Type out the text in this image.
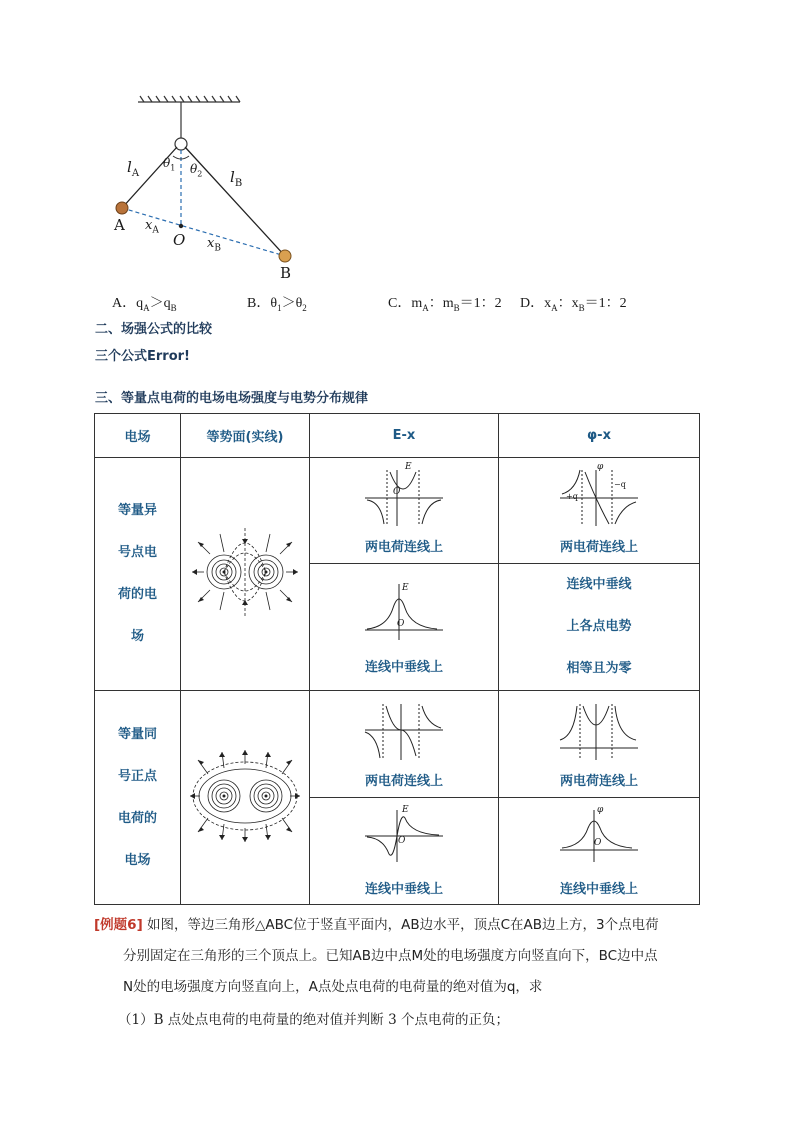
$l_A$	$l_B$
$\theta_1$ $\theta_2$
A
B
O
$x_A$
$x_B$
A．$q_A>q_B$	B．$\theta_1>\theta_2$	C．$m_A$：$m_B=1$：2 D．$x_A$：$x_B=1$：2
二、场强公式的比较
三个公式Error!
三、等量点电荷的电场电场强度与电势分布规律
电场	等势面(实线)	E-x	φ-x

等量异
号点电
荷的电
场		两电荷连线上	两电荷连线上

		连线中垂线上	连线中垂线
上各点电势
相等且为零

等量同
号正点
电荷的
电场		两电荷连线上	两电荷连线上

		连线中垂线上	连线中垂线上
E
O
E
O
E
O
φ
+q
−q
φ
O
[例题6] 如图，等边三角形△ABC位于竖直平面内，AB边水平，顶点C在AB边上方，3个点电荷
分别固定在三角形的三个顶点上。已知AB边中点M处的电场强度方向竖直向下，BC边中点
N处的电场强度方向竖直向上，A点处点电荷的电荷量的绝对值为q，求
（1）B 点处点电荷的电荷量的绝对值并判断 3 个点电荷的正负；
